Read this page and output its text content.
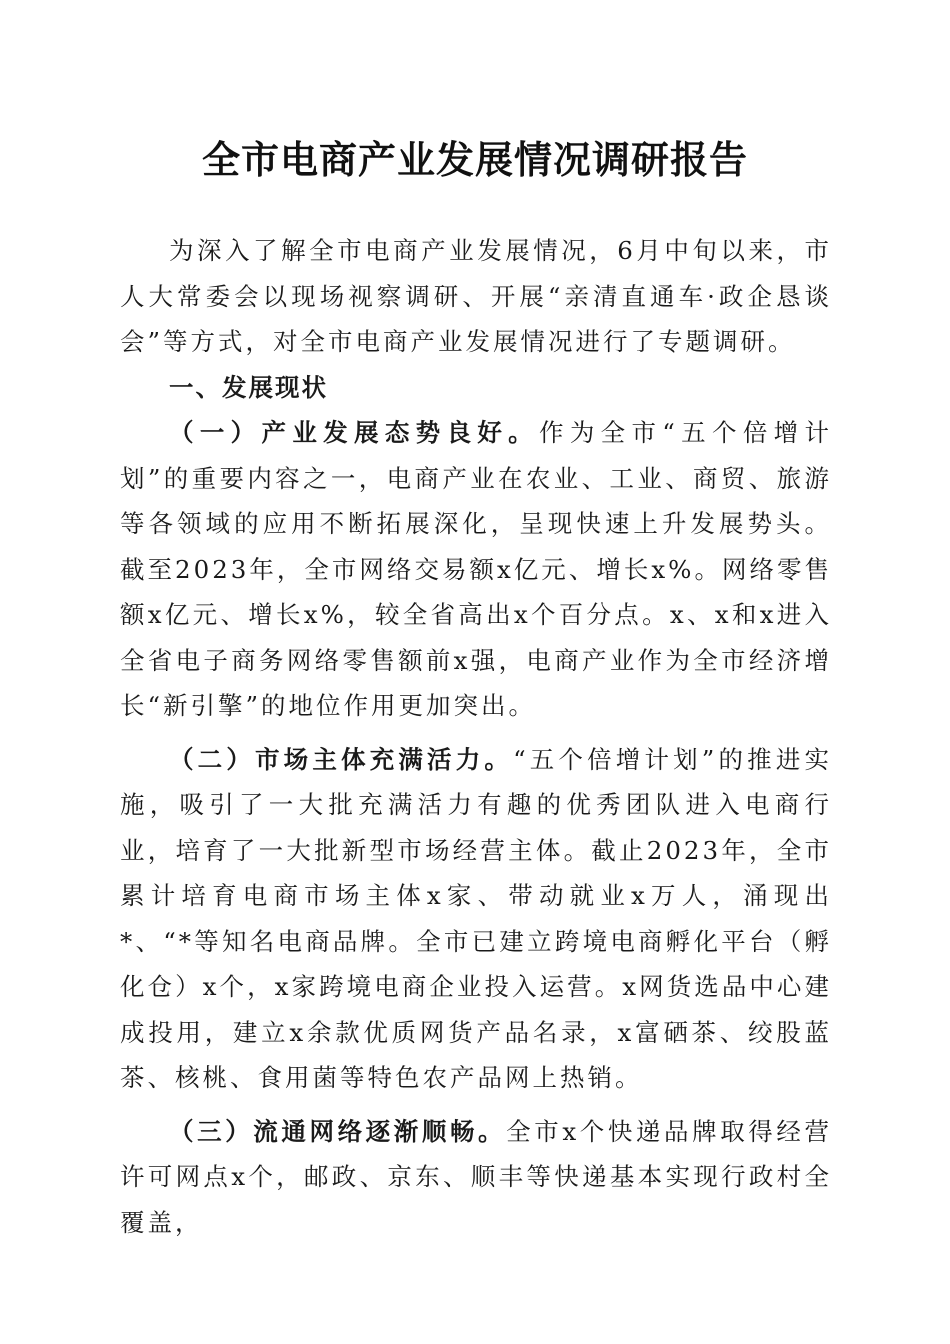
全市电商产业发展情况调研报告

为深入了解全市电商产业发展情况，6月中旬以来，市人大常委会以现场视察调研、开展“亲清直通车·政企恳谈会”等方式，对全市电商产业发展情况进行了专题调研。

一、发展现状

（一）产业发展态势良好。作为全市“五个倍增计划”的重要内容之一，电商产业在农业、工业、商贸、旅游等各领域的应用不断拓展深化，呈现快速上升发展势头。截至2023年，全市网络交易额x亿元、增长x%。网络零售额x亿元、增长x%，较全省高出x个百分点。x、x和x进入全省电子商务网络零售额前x强，电商产业作为全市经济增长“新引擎”的地位作用更加突出。

（二）市场主体充满活力。“五个倍增计划”的推进实施，吸引了一大批充满活力有趣的优秀团队进入电商行业，培育了一大批新型市场经营主体。截止2023年，全市累计培育电商市场主体x家、带动就业x万人，涌现出*、“*等知名电商品牌。全市已建立跨境电商孵化平台（孵化仓）x个，x家跨境电商企业投入运营。x网货选品中心建成投用，建立x余款优质网货产品名录，x富硒茶、绞股蓝茶、核桃、食用菌等特色农产品网上热销。

（三）流通网络逐渐顺畅。全市x个快递品牌取得经营许可网点x个，邮政、京东、顺丰等快递基本实现行政村全覆盖，
